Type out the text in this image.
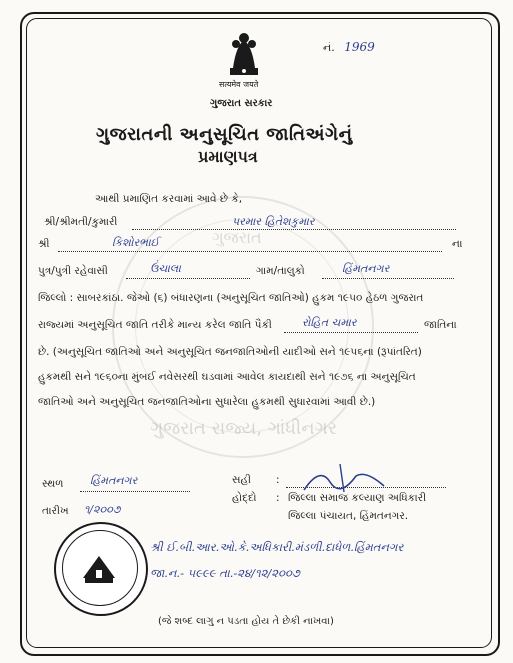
ગુજરાત
ગુજરાત રાજ્ય, ગાંધીનગર
सत्यमेव जयते
નં. 1969
ગુજરાત સરકાર
ગુજરાતની અનુસૂચિત જાતિઅંગેનું
પ્રમાણપત્ર
આથી પ્રમાણિત કરવામાં આવે છે કે,
શ્રી/શ્રીમતી/કુમારી	પરમાર હિતેશકુમાર
શ્રી	કિશોરભાઈ	ના
પુત્ર/પુત્રી રહેવાસી	ઉંચાલા	ગામ/તાલુકો	હિંમતનગર
જિલ્લો : સાબરકાંઠા. જેઓ (૬) બંધારણના (અનુસૂચિત જાતિઓ) હુકમ ૧૯૫૦ હેઠળ ગુજરાત
રાજ્યમાં અનુસૂચિત જાતિ તરીકે માન્ય કરેલ જાતિ પૈકી	રોહિત ચમાર	જાતિના
છે. (અનુસૂચિત જાતિઓ અને અનુસૂચિત જનજાતિઓની યાદીઓ સને ૧૯૫૬ના (રૂપાંતરિત)
હુકમથી સને ૧૯૬૦ના મુંબઈ નવેસરથી ઘડવામાં આવેલ કાયદાથી સને ૧૯૭૬ ના અનુસૂચિત
જાતિઓ અને અનુસૂચિત જનજાતિઓના સુધારેલા હુકમથી સુધારવામાં આવી છે.)
સ્થળ હિંમતનગર
તારીખ ૧/૨૦૦૭
સહી :
હોદ્દો : જિલ્લા સમાજ કલ્યાણ અધિકારી
જિલ્લા પંચાયત, હિંમતનગર.
શ્રી ઈ.બી.આર.ઓ.કે.અધિકારી.મંડળી.દાધેળ.હિંમતનગર
જા.ન.- ૫૯૯૯ તા.-૨૪/૧૨/૨૦૦૭
(જે શબ્દ લાગુ ન પડતા હોય તે છેકી નાખવા)
